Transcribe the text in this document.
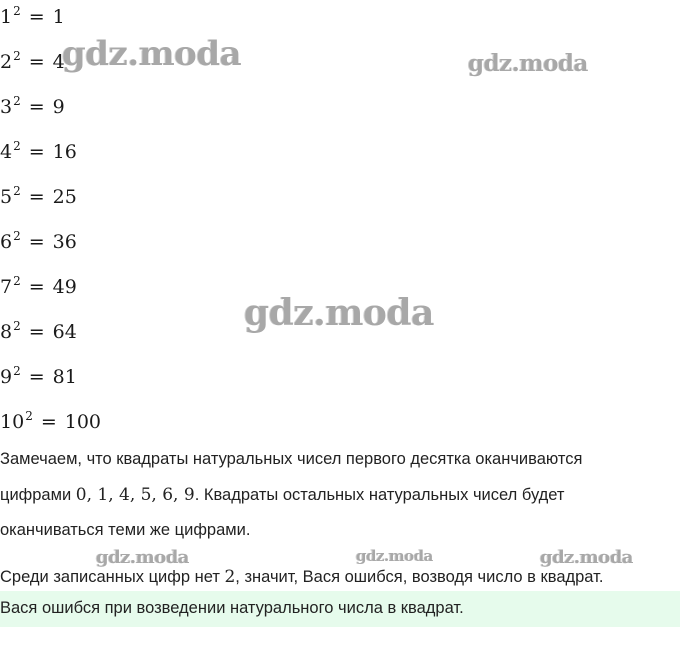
$1^2 = 1$
$2^2 = 4$
$3^2 = 9$
$4^2 = 16$
$5^2 = 25$
$6^2 = 36$
$7^2 = 49$
$8^2 = 64$
$9^2 = 81$
$10^2 = 100$
Замечаем, что квадраты натуральных чисел первого десятка оканчиваются
цифрами 0, 1, 4, 5, 6, 9. Квадраты остальных натуральных чисел будет
оканчиваться теми же цифрами.
Среди записанных цифр нет 2, значит, Вася ошибся, возводя число в квадрат.
Вася ошибся при возведении натурального числа в квадрат.
gdz.moda	gdz.moda
gdz.moda
gdz.moda	gdz.moda	gdz.moda
